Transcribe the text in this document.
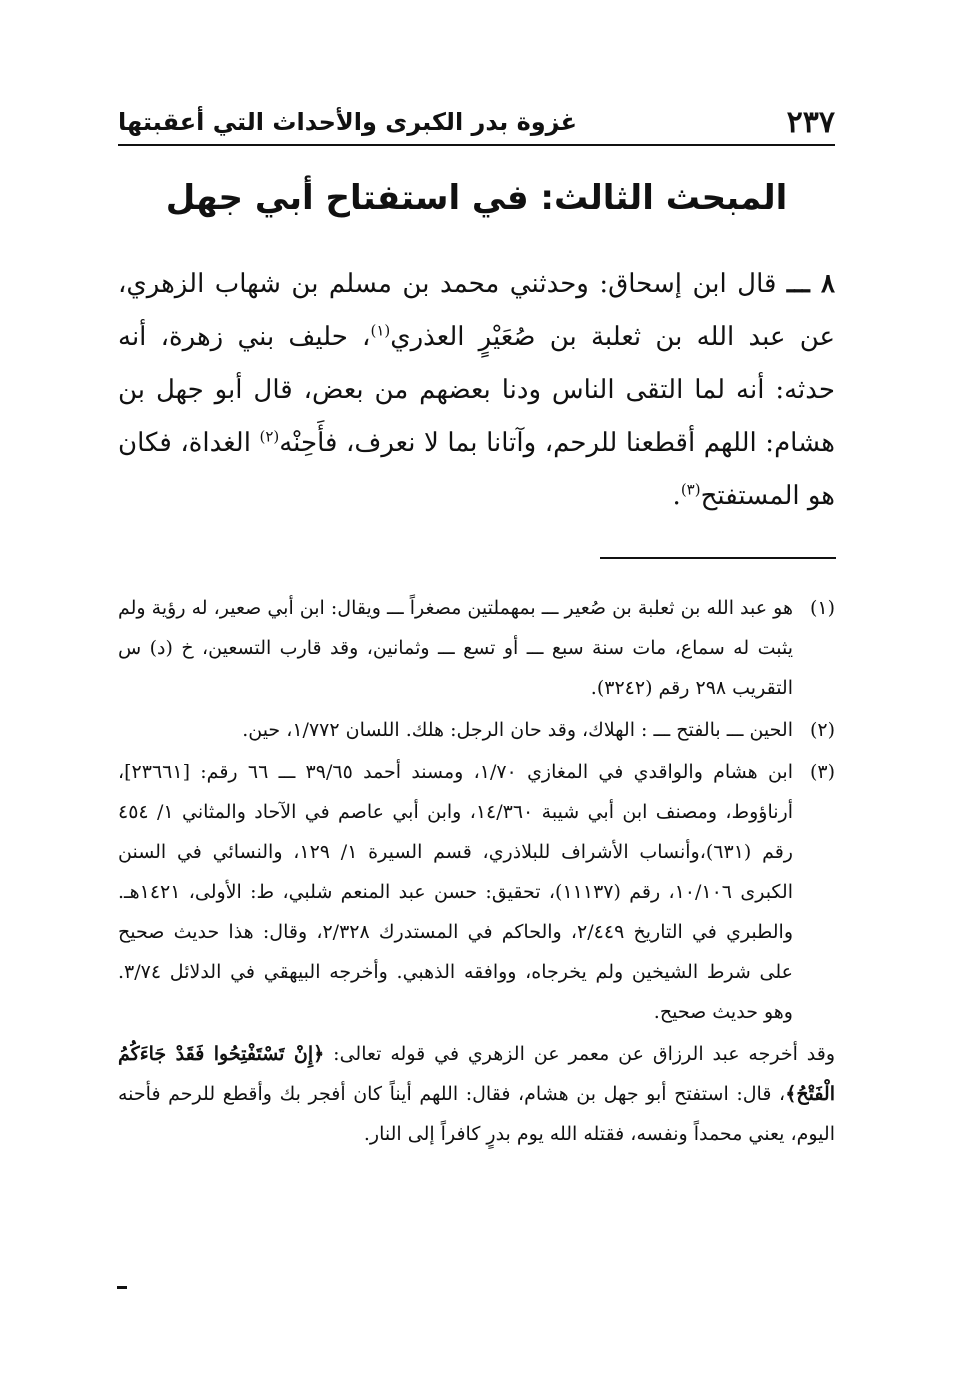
٢٣٧
غزوة بدر الكبرى والأحداث التي أعقبتها
المبحث الثالث: في استفتاح أبي جهل

٨ ـــ قال ابن إسحاق: وحدثني محمد بن مسلم بن شهاب الزهري، عن عبد الله بن ثعلبة بن صُعَيْرٍ العذري$^{(١)}$، حليف بني زهرة، أنه حدثه: أنه لما التقى الناس ودنا بعضهم من بعض، قال أبو جهل بن هشام: اللهم أقطعنا للرحم، وآتانا بما لا نعرف، فأَحِنْه$^{(٢)}$ الغداة، فكان هو المستفتح$^{(٣)}$.

(١)

هو عبد الله بن ثعلبة بن صُعير ـــ بمهملتين مصغراً ـــ ويقال: ابن أبي صعير، له رؤية ولم يثبت له سماع، مات سنة سبع ـــ أو تسع ـــ وثمانين، وقد قارب التسعين، خ (د) س التقريب ٢٩٨ رقم (٣٢٤٢).

(٢)

الحين ـــ بالفتح ـــ : الهلاك، وقد حان الرجل: هلك. اللسان ١/٧٧٢، حين.

(٣)

ابن هشام والواقدي في المغازي ١/٧٠، ومسند أحمد ٣٩/٦٥ ـــ ٦٦ رقم: [٢٣٦٦١]، أرناؤوط، ومصنف ابن أبي شيبة ١٤/٣٦٠، وابن أبي عاصم في الآحاد والمثاني ١/ ٤٥٤ رقم (٦٣١)،وأنساب الأشراف للبلاذري، قسم السيرة ١/ ١٢٩، والنسائي في السنن الكبرى ١٠/١٠٦، رقم (١١١٣٧)، تحقيق: حسن عبد المنعم شلبي، ط: الأولى، ١٤٢١هـ. والطبري في التاريخ ٢/٤٤٩، والحاكم في المستدرك ٢/٣٢٨، وقال: هذا حديث صحيح على شرط الشيخين ولم يخرجاه، ووافقه الذهبي. وأخرجه البيهقي في الدلائل ٣/٧٤. وهو حديث صحيح.

وقد أخرجه عبد الرزاق عن معمر عن الزهري في قوله تعالى: ﴿إِنْ تَسْتَفْتِحُوا فَقَدْ جَاءَكُمُ الْفَتْحُ﴾، قال: استفتح أبو جهل بن هشام، فقال: اللهم أيناً كان أفجر بك وأقطع للرحم فأحنه اليوم، يعني محمداً ونفسه، فقتله الله يوم بدرٍ كافراً إلى النار.
